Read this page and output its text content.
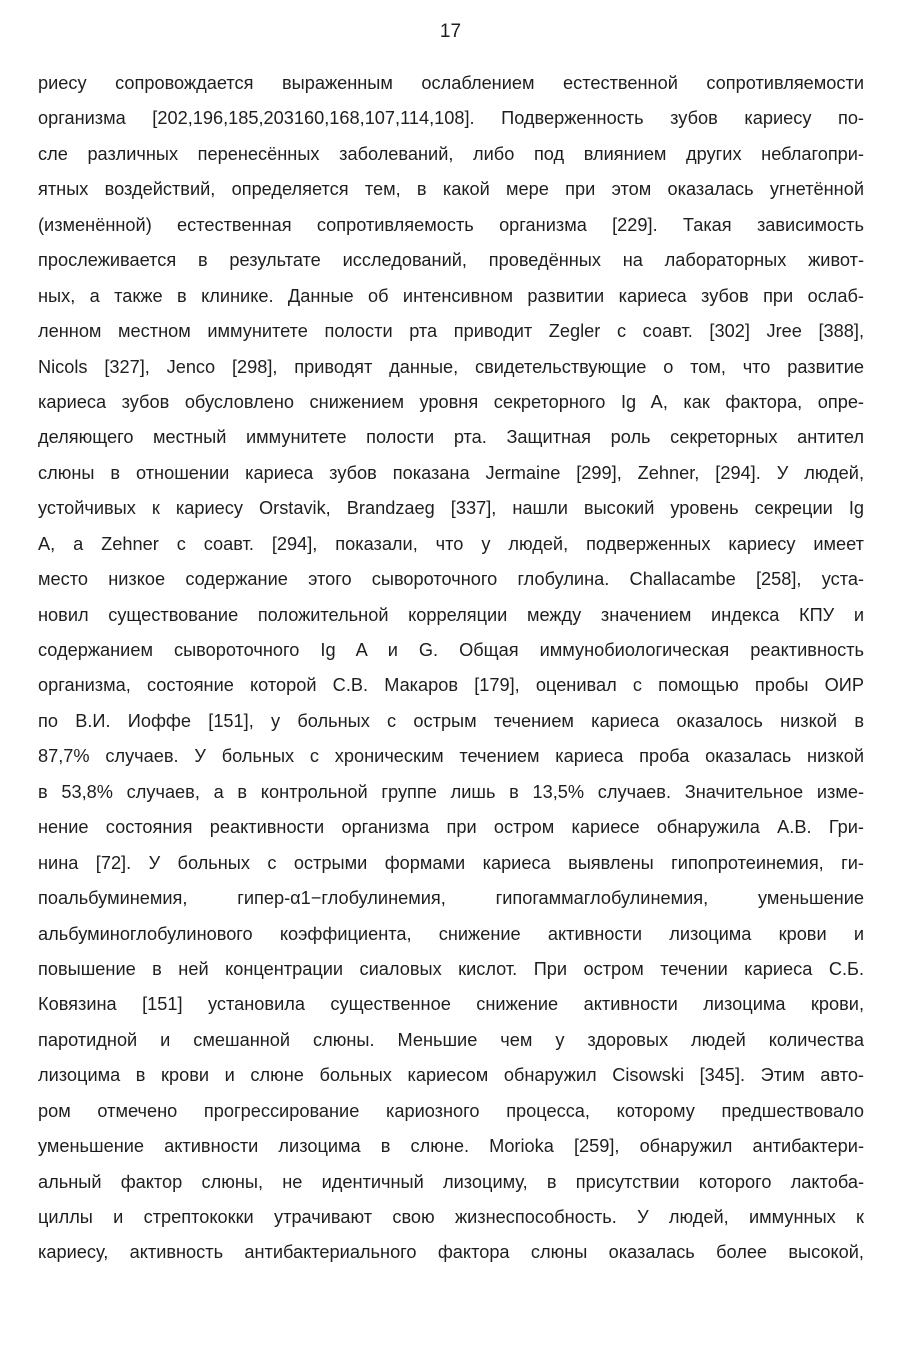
17
риесу сопровождается выраженным ослаблением естественной сопротивляемости
организма [202,196,185,203160,168,107,114,108]. Подверженность зубов кариесу по-
сле различных перенесённых заболеваний, либо под влиянием других неблагопри-
ятных воздействий, определяется тем, в какой мере при этом оказалась угнетённой
(изменённой) естественная сопротивляемость организма [229]. Такая зависимость
прослеживается в результате исследований, проведённых на лабораторных живот-
ных, а также в клинике. Данные об интенсивном развитии кариеса зубов при ослаб-
ленном местном иммунитете полости рта приводит Zegler с соавт. [302] Jree [388],
Nicols [327], Jenco [298], приводят данные, свидетельствующие о том, что развитие
кариеса зубов обусловлено снижением уровня секреторного Ig A, как фактора, опре-
деляющего местный иммунитете полости рта. Защитная роль секреторных антител
слюны в отношении кариеса зубов показана Jermaine [299], Zehner, [294]. У людей,
устойчивых к кариесу Orstavik, Brandzaeg [337], нашли высокий уровень секреции Ig
A, а Zehner с соавт. [294], показали, что у людей, подверженных кариесу имеет
место низкое содержание этого сывороточного глобулина. Challacambe [258], уста-
новил существование положительной корреляции между значением индекса КПУ и
содержанием сывороточного Ig A и G. Общая иммунобиологическая реактивность
организма, состояние которой С.В. Макаров [179], оценивал с помощью пробы ОИР
по В.И. Иоффе [151], у больных с острым течением кариеса оказалось низкой в
87,7% случаев. У больных с хроническим течением кариеса проба оказалась низкой
в 53,8% случаев, а в контрольной группе лишь в 13,5% случаев. Значительное изме-
нение состояния реактивности организма при остром кариесе обнаружила А.В. Гри-
нина [72]. У больных с острыми формами кариеса выявлены гипопротеинемия, ги-
поальбуминемия, гипер-α1−глобулинемия, гипогаммаглобулинемия, уменьшение
альбуминоглобулинового коэффициента, снижение активности лизоцима крови и
повышение в ней концентрации сиаловых кислот. При остром течении кариеса С.Б.
Ковязина [151] установила существенное снижение активности лизоцима крови,
паротидной и смешанной слюны. Меньшие чем у здоровых людей количества
лизоцима в крови и слюне больных кариесом обнаружил Cisowski [345]. Этим авто-
ром отмечено прогрессирование кариозного процесса, которому предшествовало
уменьшение активности лизоцима в слюне. Morioka [259], обнаружил антибактери-
альный фактор слюны, не идентичный лизоциму, в присутствии которого лактоба-
циллы и стрептококки утрачивают свою жизнеспособность. У людей, иммунных к
кариесу, активность антибактериального фактора слюны оказалась более высокой,
